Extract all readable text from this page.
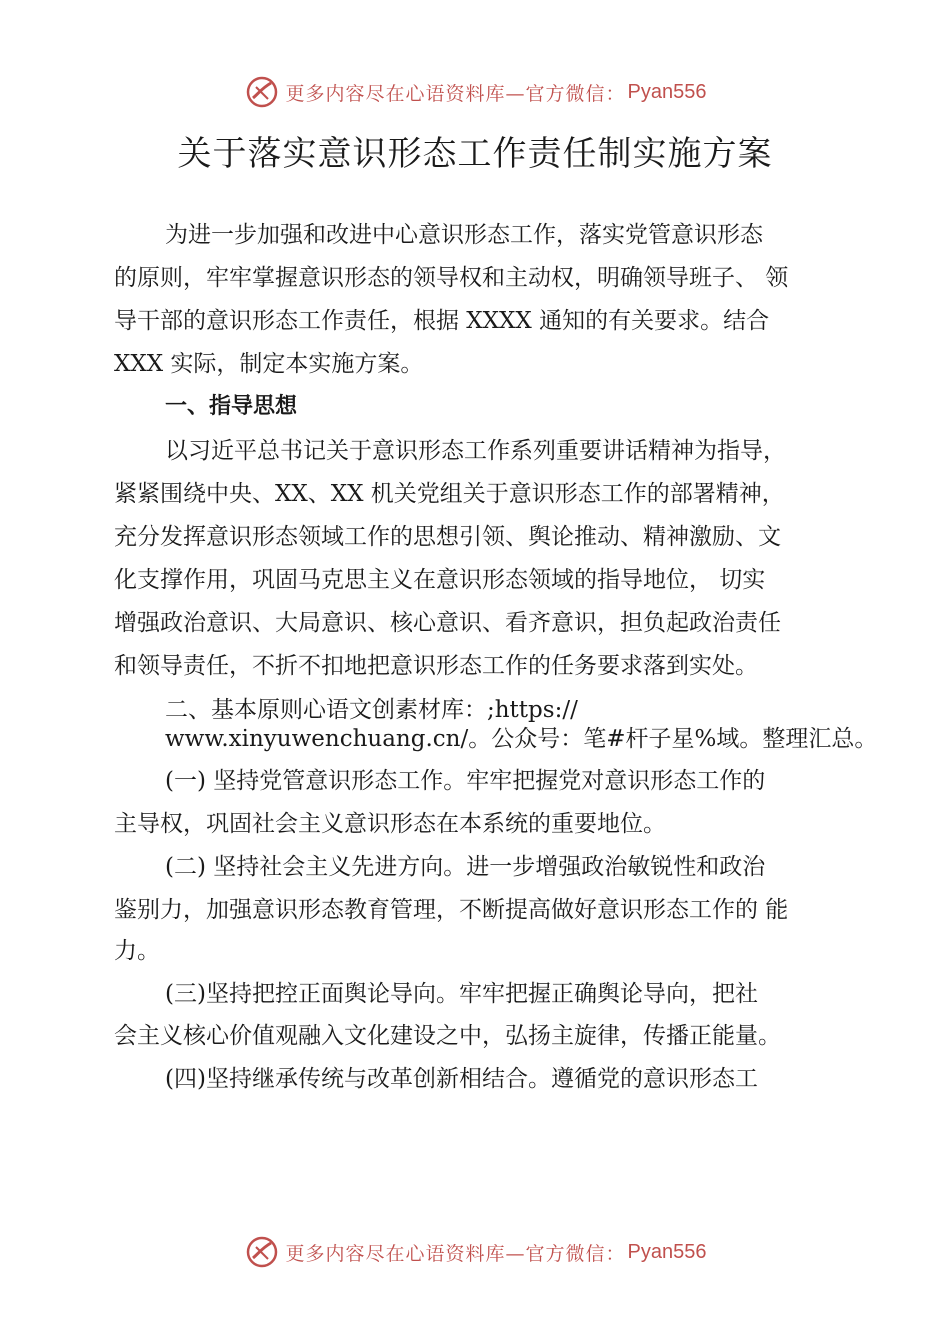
更多内容尽在心语资料库—官方微信： Pyan556
关于落实意识形态工作责任制实施方案
为进一步加强和改进中心意识形态工作，落实党管意识形态
的原则，牢牢掌握意识形态的领导权和主动权，明确领导班子、 领
导干部的意识形态工作责任，根据 XXXX 通知的有关要求。结合
XXX 实际，制定本实施方案。
一、指导思想
以习近平总书记关于意识形态工作系列重要讲话精神为指导，
紧紧围绕中央、XX、XX 机关党组关于意识形态工作的部署精神，
充分发挥意识形态领域工作的思想引领、舆论推动、精神激励、文
化支撑作用，巩固马克思主义在意识形态领域的指导地位， 切实
增强政治意识、大局意识、核心意识、看齐意识，担负起政治责任
和领导责任，不折不扣地把意识形态工作的任务要求落到实处。
二、基本原则心语文创素材库：;https://
www.xinyuwenchuang.cn/。公众号：笔#杆子星%域。整理汇总。
(一) 坚持党管意识形态工作。牢牢把握党对意识形态工作的
主导权，巩固社会主义意识形态在本系统的重要地位。
(二) 坚持社会主义先进方向。进一步增强政治敏锐性和政治
鉴别力，加强意识形态教育管理，不断提高做好意识形态工作的 能
力。
(三)坚持把控正面舆论导向。牢牢把握正确舆论导向，把社
会主义核心价值观融入文化建设之中，弘扬主旋律，传播正能量。
(四)坚持继承传统与改革创新相结合。遵循党的意识形态工
更多内容尽在心语资料库—官方微信： Pyan556
